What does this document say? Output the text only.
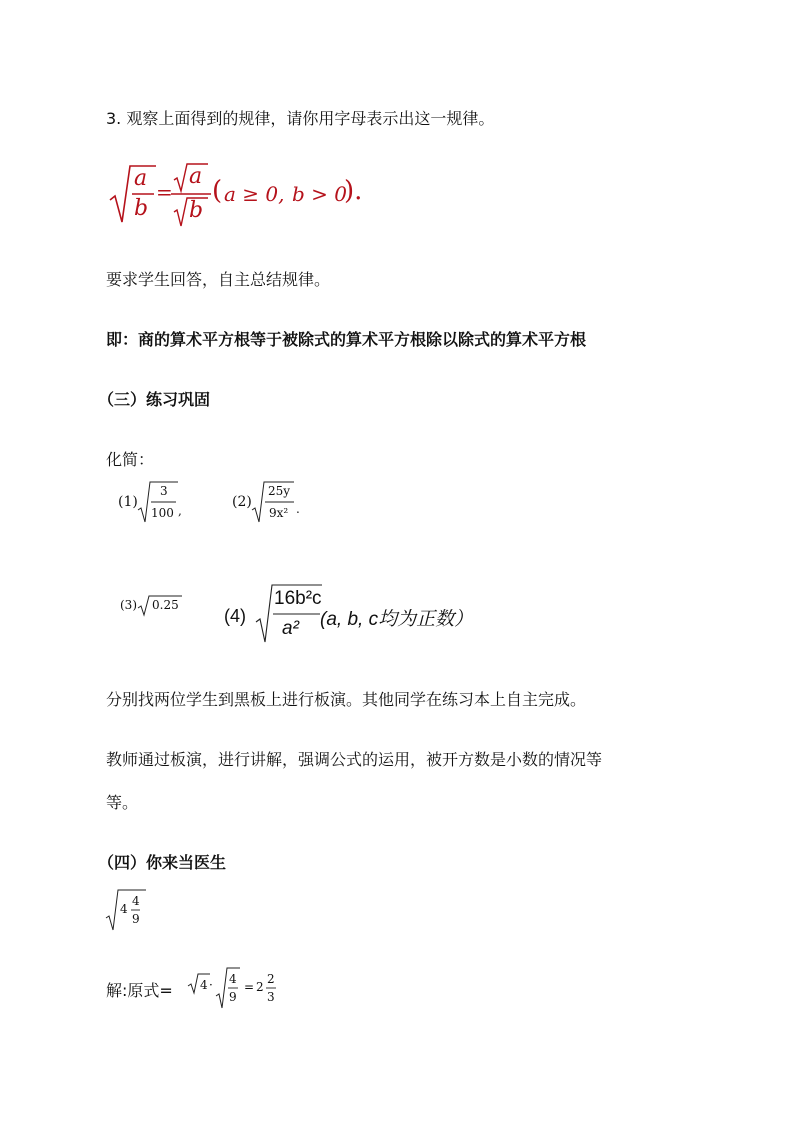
3. 观察上面得到的规律，请你用字母表示出这一规律。
a
b
=
a
b
( a ≥ 0, b > 0
).
要求学生回答，自主总结规律。
即：商的算术平方根等于被除式的算术平方根除以除式的算术平方根
（三）练习巩固
化简：
(1)
3
100 ,
(2)
25y
9x² .
(3) 0.25
(4)
16b²c
a² (a, b, c均为正数）
分别找两位学生到黑板上进行板演。其他同学在练习本上自主完成。
教师通过板演，进行讲解，强调公式的运用，被开方数是小数的情况等
等。
（四）你来当医生
4
4
9
解:原式= 4 · 4
9
= 2
2
3
